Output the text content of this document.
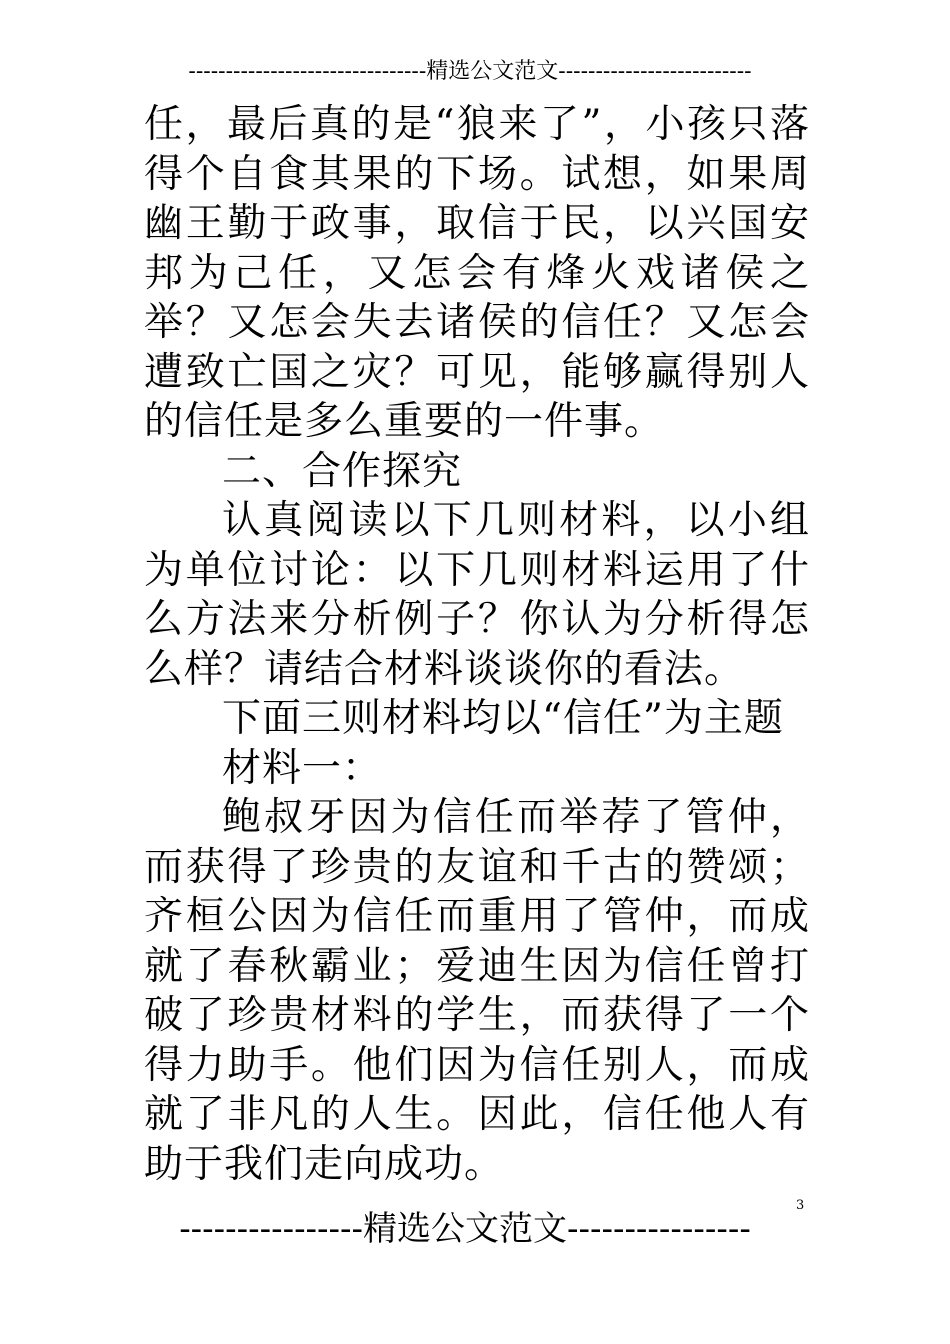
--------------------------------精选公文范文--------------------------

任，最后真的是“狼来了”，小孩只落得个自食其果的下场。试想，如果周幽王勤于政事，取信于民，以兴国安邦为己任，又怎会有烽火戏诸侯之举？又怎会失去诸侯的信任？又怎会遭致亡国之灾？可见，能够赢得别人的信任是多么重要的一件事。

二、合作探究

认真阅读以下几则材料，以小组为单位讨论：以下几则材料运用了什么方法来分析例子？你认为分析得怎么样？请结合材料谈谈你的看法。

下面三则材料均以“信任”为主题

材料一：

鲍叔牙因为信任而举荐了管仲，而获得了珍贵的友谊和千古的赞颂；齐桓公因为信任而重用了管仲，而成就了春秋霸业；爱迪生因为信任曾打破了珍贵材料的学生，而获得了一个得力助手。他们因为信任别人，而成就了非凡的人生。因此，信任他人有助于我们走向成功。

----------------精选公文范文----------------
3
